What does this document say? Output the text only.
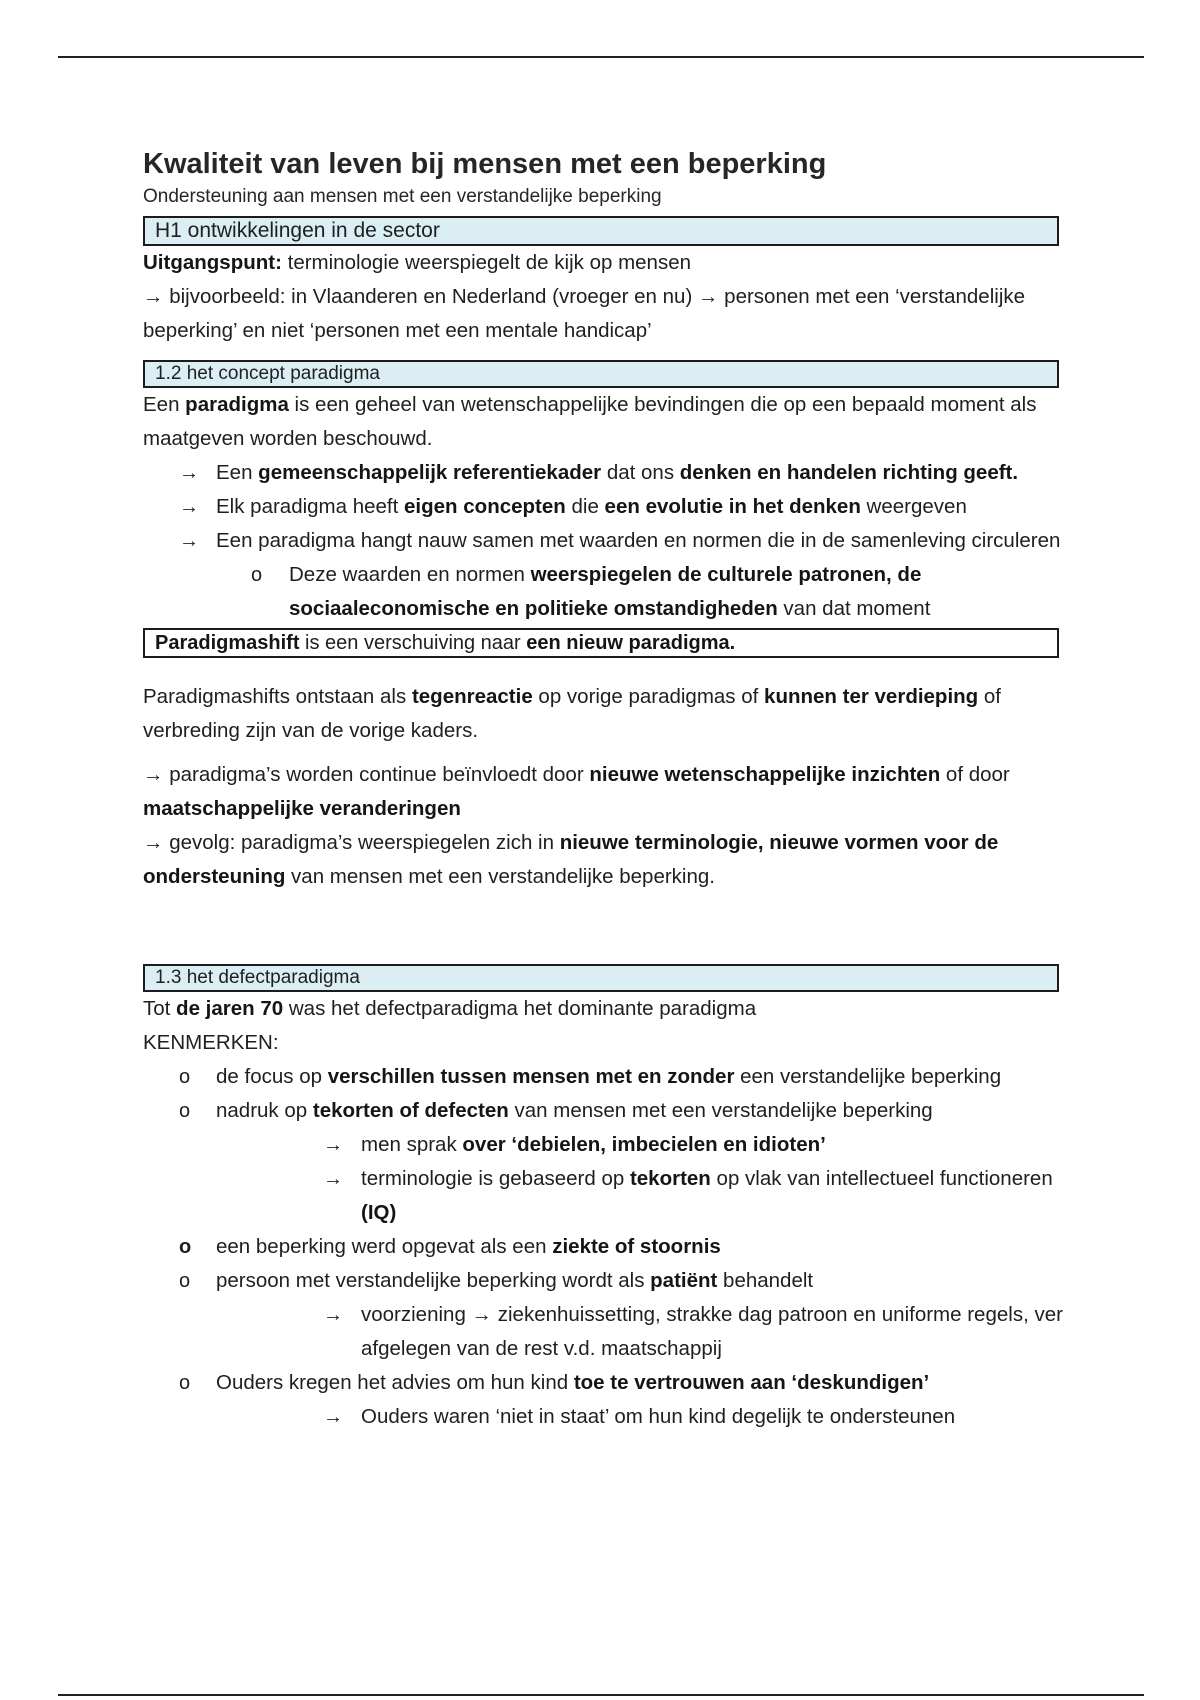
Kwaliteit van leven bij mensen met een beperking
Ondersteuning aan mensen met een verstandelijke beperking
H1 ontwikkelingen in de sector

Uitgangspunt: terminologie weerspiegelt de kijk op mensen

→ bijvoorbeeld: in Vlaanderen en Nederland (vroeger en nu) → personen met een ‘verstandelijke beperking’ en niet ‘personen met een mentale handicap’

1.2 het concept paradigma

Een paradigma is een geheel van wetenschappelijke bevindingen die op een bepaald moment als maatgeven worden beschouwd.

→ Een gemeenschappelijk referentiekader dat ons denken en handelen richting geeft.
→ Elk paradigma heeft eigen concepten die een evolutie in het denken weergeven
→ Een paradigma hangt nauw samen met waarden en normen die in de samenleving circuleren
o Deze waarden en normen weerspiegelen de culturele patronen, de sociaaleconomische en politieke omstandigheden van dat moment
Paradigmashift is een verschuiving naar een nieuw paradigma.

Paradigmashifts ontstaan als tegenreactie op vorige paradigmas of kunnen ter verdieping of verbreding zijn van de vorige kaders.

→ paradigma’s worden continue beïnvloedt door nieuwe wetenschappelijke inzichten of door maatschappelijke veranderingen

→ gevolg: paradigma’s weerspiegelen zich in nieuwe terminologie, nieuwe vormen voor de ondersteuning van mensen met een verstandelijke beperking.

1.3 het defectparadigma

Tot de jaren 70 was het defectparadigma het dominante paradigma

KENMERKEN:

o de focus op verschillen tussen mensen met en zonder een verstandelijke beperking
o nadruk op tekorten of defecten van mensen met een verstandelijke beperking
→ men sprak over ‘debielen, imbecielen en idioten’
→ terminologie is gebaseerd op tekorten op vlak van intellectueel functioneren (IQ)
o een beperking werd opgevat als een ziekte of stoornis
o persoon met verstandelijke beperking wordt als patiënt behandelt
→ voorziening → ziekenhuissetting, strakke dag patroon en uniforme regels, ver afgelegen van de rest v.d. maatschappij
o Ouders kregen het advies om hun kind toe te vertrouwen aan ‘deskundigen’
→ Ouders waren ‘niet in staat’ om hun kind degelijk te ondersteunen
